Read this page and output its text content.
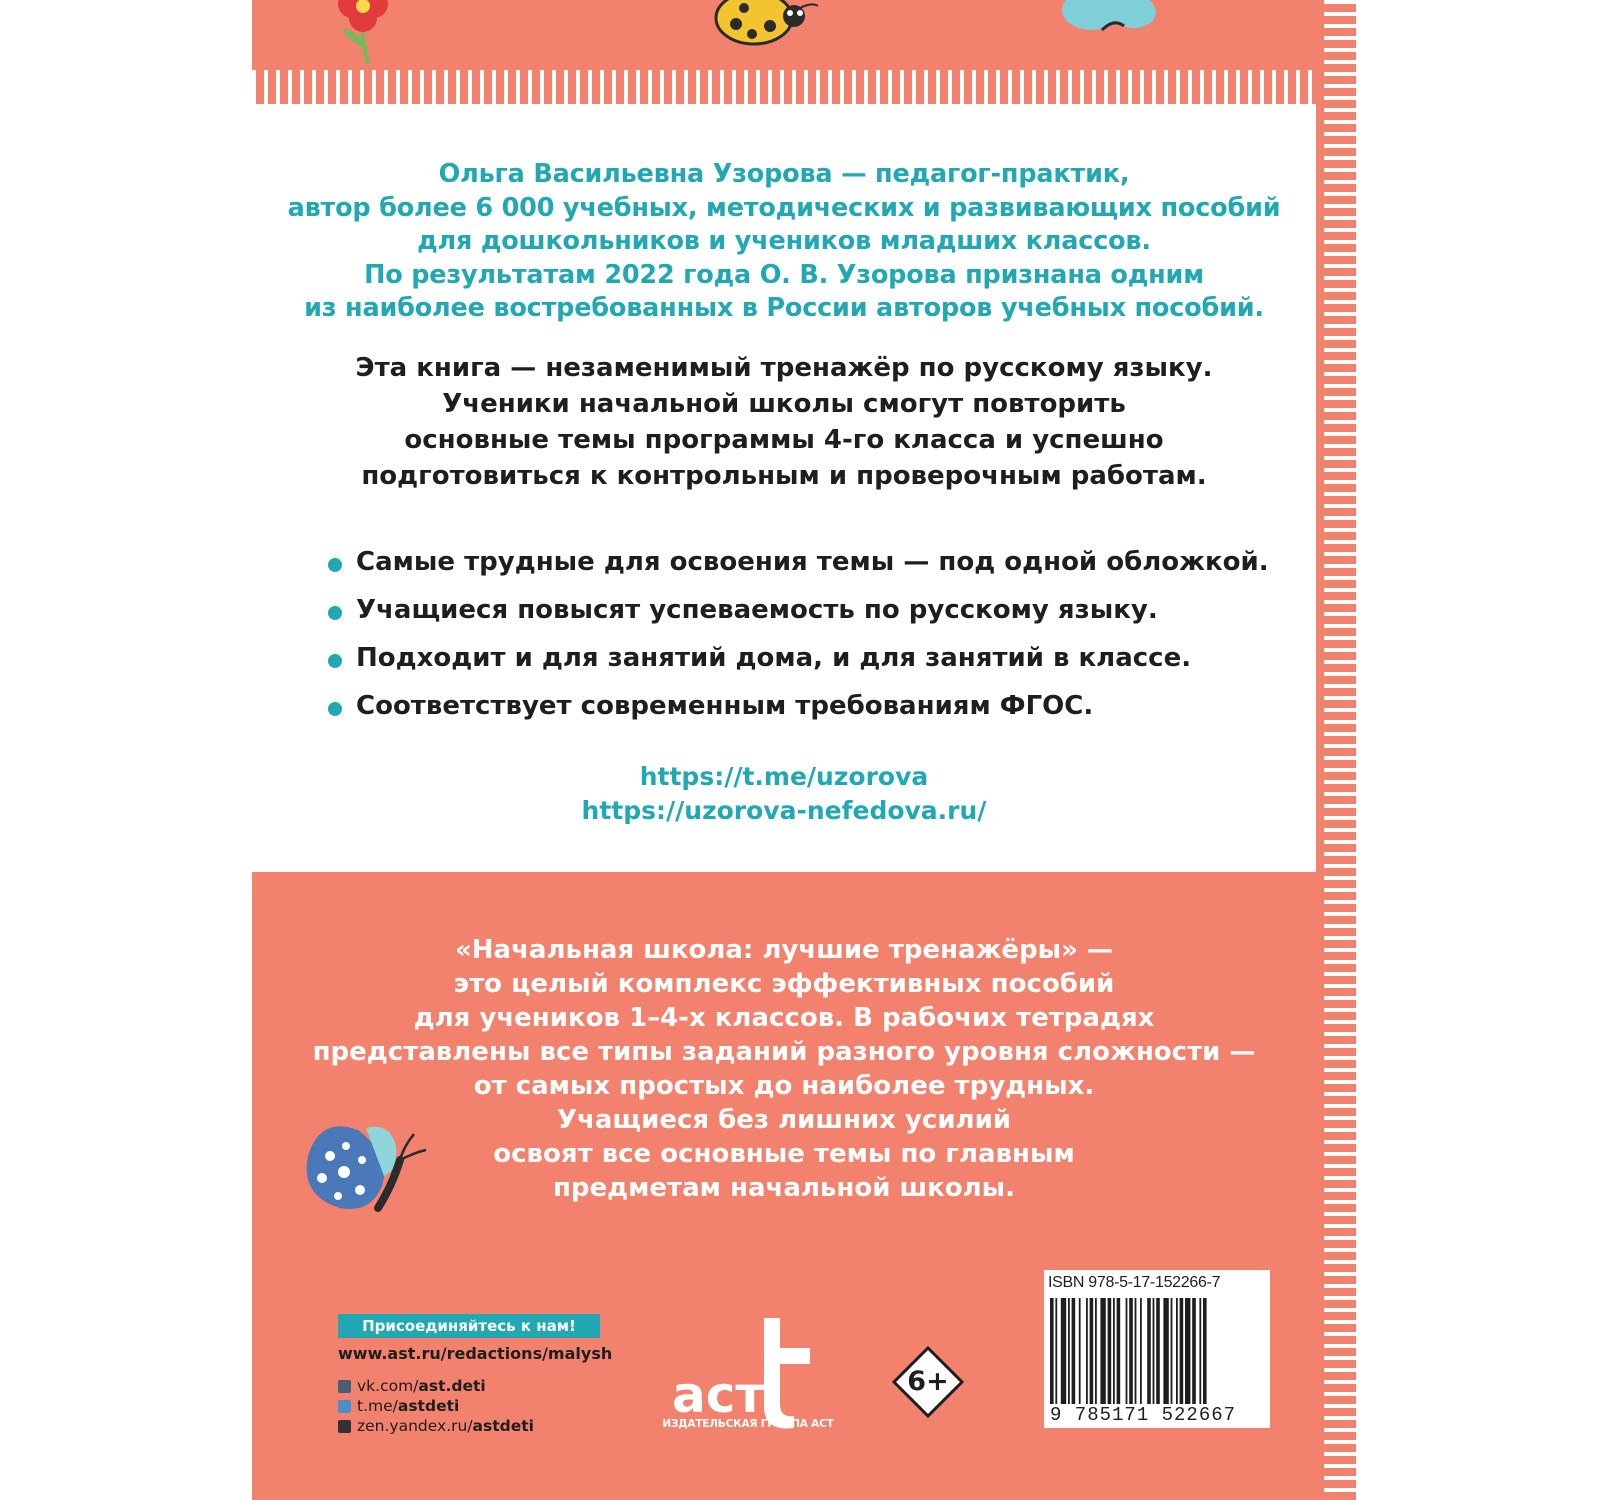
Ольга Васильевна Узорова — педагог-практик,
автор более 6 000 учебных, методических и развивающих пособий
для дошкольников и учеников младших классов.
По результатам 2022 года О. В. Узорова признана одним
из наиболее востребованных в России авторов учебных пособий.
Эта книга — незаменимый тренажёр по русскому языку.
Ученики начальной школы смогут повторить
основные темы программы 4-го класса и успешно
подготовиться к контрольным и проверочным работам.
Самые трудные для освоения темы — под одной обложкой.
Учащиеся повысят успеваемость по русскому языку.
Подходит и для занятий дома, и для занятий в классе.
Соответствует современным требованиям ФГОС.
https://t.me/uzorova
https://uzorova-nefedova.ru/
«Начальная школа: лучшие тренажёры» —
это целый комплекс эффективных пособий
для учеников 1–4-х классов. В рабочих тетрадях
представлены все типы заданий разного уровня сложности —
от самых простых до наиболее трудных.
Учащиеся без лишних усилий
освоят все основные темы по главным
предметам начальной школы.
Присоединяйтесь к нам!
www.ast.ru/redactions/malysh
vk.com/ ast.deti
t.me/ astdeti
zen.yandex.ru/ astdeti
аст
ИЗДАТЕЛЬСКАЯ ГРУППА АСТ
6+
ISBN 978-5-17-152266-7
9 785171 522667
